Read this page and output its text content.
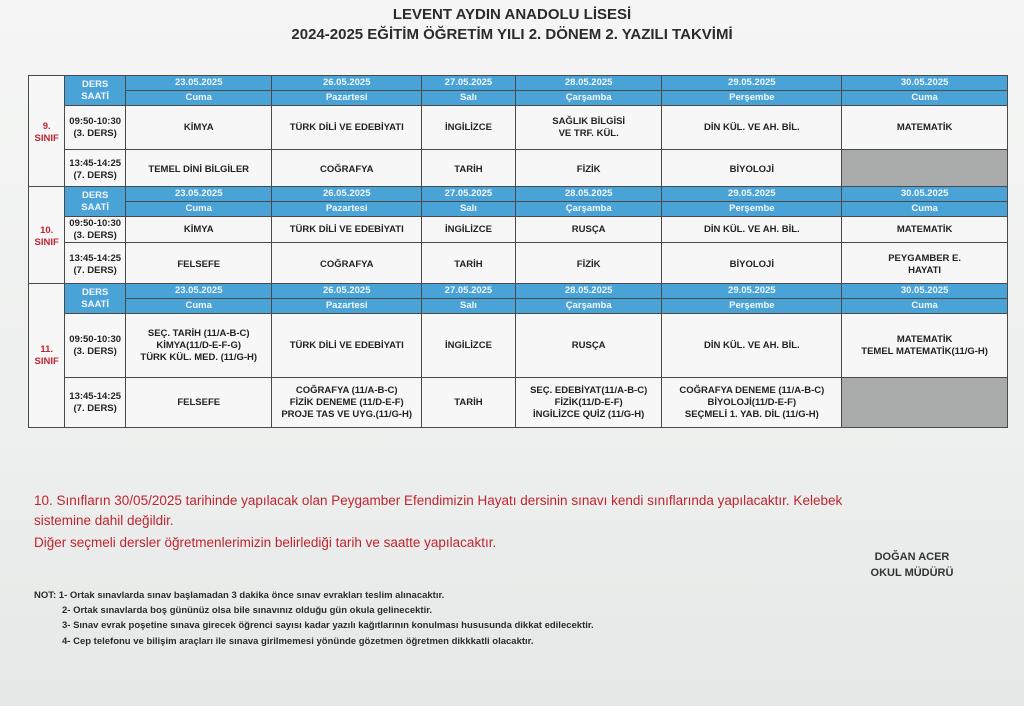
LEVENT AYDIN ANADOLU LİSESİ
2024-2025 EĞİTİM ÖĞRETİM YILI 2. DÖNEM 2. YAZILI TAKVİMİ
9.
SINIF	DERS SAATİ	23.05.2025	26.05.2025	27.05.2025	28.05.2025	29.05.2025	30.05.2025
		Cuma	Pazartesi	Salı	Çarşamba	Perşembe	Cuma
	09:50-10:30
(3. DERS)	KİMYA	TÜRK DİLİ VE EDEBİYATI	İNGİLİZCE	SAĞLIK BİLGİSİ
VE TRF. KÜL.	DİN KÜL. VE AH. BİL.	MATEMATİK
	13:45-14:25
(7. DERS)	TEMEL DİNİ BİLGİLER	COĞRAFYA	TARİH	FİZİK	BİYOLOJİ	
10.
SINIF	DERS SAATİ	23.05.2025	26.05.2025	27.05.2025	28.05.2025	29.05.2025	30.05.2025
		Cuma	Pazartesi	Salı	Çarşamba	Perşembe	Cuma
	09:50-10:30
(3. DERS)	KİMYA	TÜRK DİLİ VE EDEBİYATI	İNGİLİZCE	RUSÇA	DİN KÜL. VE AH. BİL.	MATEMATİK
	13:45-14:25
(7. DERS)	FELSEFE	COĞRAFYA	TARİH	FİZİK	BİYOLOJİ	PEYGAMBER E.
HAYATI
11.
SINIF	DERS SAATİ	23.05.2025	26.05.2025	27.05.2025	28.05.2025	29.05.2025	30.05.2025
		Cuma	Pazartesi	Salı	Çarşamba	Perşembe	Cuma
	09:50-10:30
(3. DERS)	SEÇ. TARİH (11/A-B-C)
KİMYA(11/D-E-F-G)
TÜRK KÜL. MED. (11/G-H)	TÜRK DİLİ VE EDEBİYATI	İNGİLİZCE	RUSÇA	DİN KÜL. VE AH. BİL.	MATEMATİK
TEMEL MATEMATİK(11/G-H)
	13:45-14:25
(7. DERS)	FELSEFE	COĞRAFYA (11/A-B-C)
FİZİK DENEME (11/D-E-F)
PROJE TAS VE UYG.(11/G-H)	TARİH	SEÇ. EDEBİYAT(11/A-B-C)
FİZİK(11/D-E-F)
İNGİLİZCE QUİZ (11/G-H)	COĞRAFYA DENEME (11/A-B-C)
BİYOLOJİ(11/D-E-F)
SEÇMELİ 1. YAB. DİL (11/G-H)	
10. Sınıfların 30/05/2025 tarihinde yapılacak olan Peygamber Efendimizin Hayatı dersinin sınavı kendi sınıflarında yapılacaktır. Kelebek
sistemine dahil değildir.
Diğer seçmeli dersler öğretmenlerimizin belirlediği tarih ve saatte yapılacaktır.
DOĞAN ACER
OKUL MÜDÜRÜ
NOT: 1- Ortak sınavlarda sınav başlamadan 3 dakika önce sınav evrakları teslim alınacaktır.
2- Ortak sınavlarda boş gününüz olsa bile sınavınız olduğu gün okula gelinecektir.
3- Sınav evrak poşetine sınava girecek öğrenci sayısı kadar yazılı kağıtlarının konulması hususunda dikkat edilecektir.
4- Cep telefonu ve bilişim araçları ile sınava girilmemesi yönünde gözetmen öğretmen dikkkatli olacaktır.
